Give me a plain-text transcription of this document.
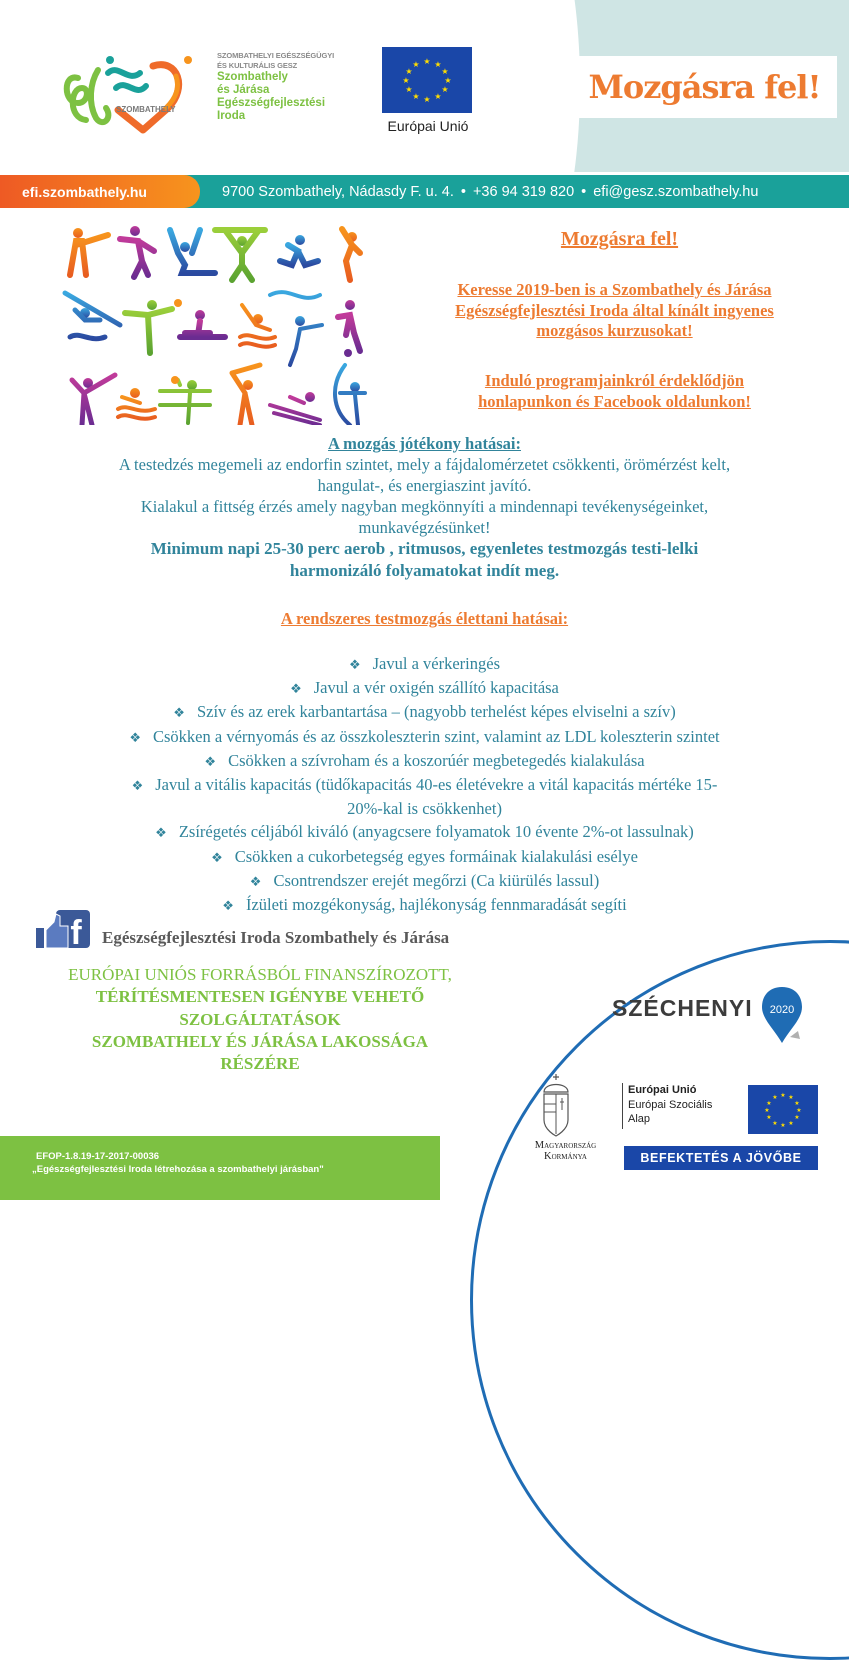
SZOMBATHELY
SZOMBATHELYI EGÉSZSÉGÜGYI
ÉS KULTURÁLIS GESZ
Szombathely
és Járása
Egészségfejlesztési
Iroda
★ ★
★
★
★
★
★
★
★
★
★
★
Európai Unió
Mozgásra fel!
efi.szombathely.hu	9700 Szombathely, Nádasdy F. u. 4. • +36 94 319 820 • efi@gesz.szombathely.hu
Mozgásra fel!
Keresse 2019-ben is a Szombathely és Járása
Egészségfejlesztési Iroda által kínált ingyenes
mozgásos kurzusokat!
Induló programjainkról érdeklődjön
honlapunkon és Facebook oldalunkon!
A mozgás jótékony hatásai:
A testedzés megemeli az endorfin szintet, mely a fájdalomérzetet csökkenti, örömérzést kelt,
hangulat-, és energiaszint javító.
Kialakul a fittség érzés amely nagyban megkönnyíti a mindennapi tevékenységeinket,
munkavégzésünket!
Minimum napi 25-30 perc aerob , ritmusos, egyenletes testmozgás testi-lelki
harmonizáló folyamatokat indít meg.
A rendszeres testmozgás élettani hatásai:
❖ Javul a vérkeringés
❖ Javul a vér oxigén szállító kapacitása
❖ Szív és az erek karbantartása – (nagyobb terhelést képes elviselni a szív)
❖ Csökken a vérnyomás és az összkoleszterin szint, valamint az LDL koleszterin szintet
❖ Csökken a szívroham és a koszorúér megbetegedés kialakulása
❖ Javul a vitális kapacitás (tüdőkapacitás 40-es életévekre a vitál kapacitás mértéke 15-
20%-kal is csökkenhet)
❖ Zsírégetés céljából kiváló (anyagcsere folyamatok 10 évente 2%-ot lassulnak)
❖ Csökken a cukorbetegség egyes formáinak kialakulási esélye
❖ Csontrendszer erejét megőrzi (Ca kiürülés lassul)
❖ Ízületi mozgékonyság, hajlékonyság fennmaradását segíti
EFOP-1.8.19-17-2017-00036
„Egészségfejlesztési Iroda létrehozása a szombathelyi járásban"
f Egészségfejlesztési Iroda Szombathely és Járása
EURÓPAI UNIÓS FORRÁSBÓL FINANSZÍROZOTT,
TÉRÍTÉSMENTESEN IGÉNYBE VEHETŐ
SZOLGÁLTATÁSOK
SZOMBATHELY ÉS JÁRÁSA LAKOSSÁGA
RÉSZÉRE
SZÉCHENYI 2020
Magyarország
Kormánya
Európai Unió
Európai Szociális
Alap
★ ★
★
★
★
★
★
★
★
★
★
★
BEFEKTETÉS A JÖVŐBE
